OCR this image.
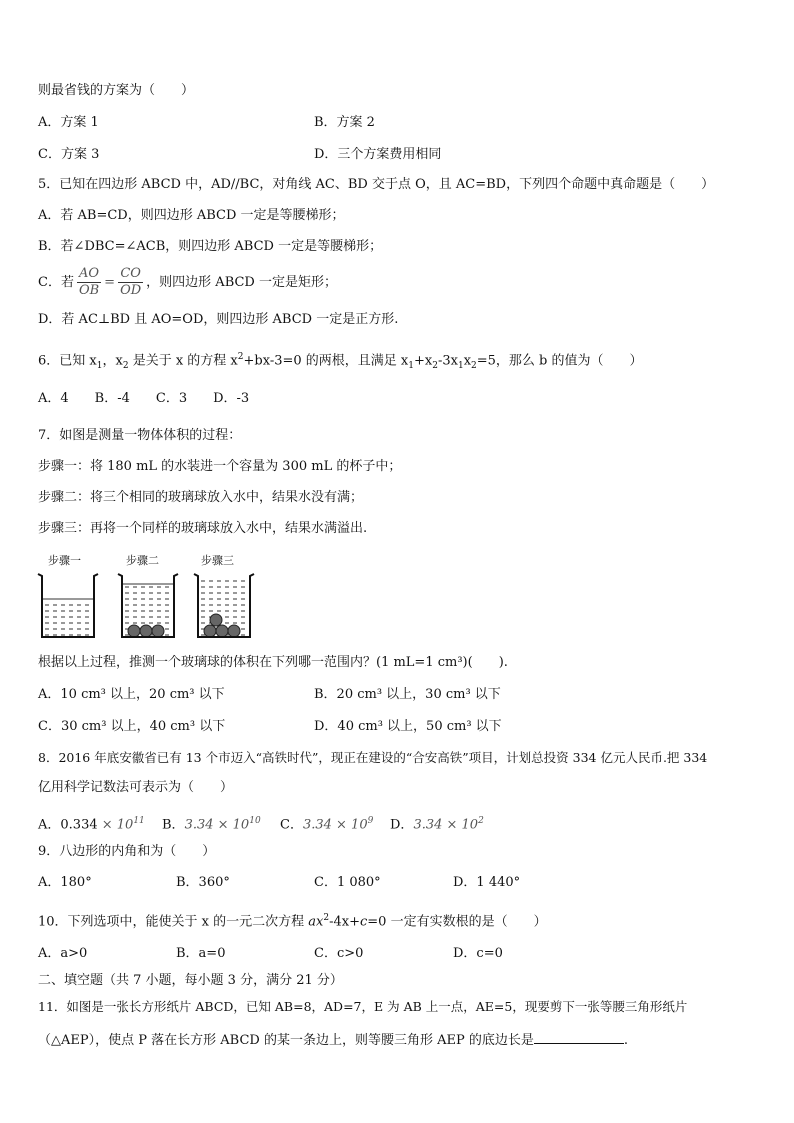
则最省钱的方案为（　　）
A．方案 1	B．方案 2
C．方案 3	D．三个方案费用相同
5．已知在四边形 ABCD 中，AD//BC，对角线 AC、BD 交于点 O，且 AC=BD，下列四个命题中真命题是（　　）
A．若 AB=CD，则四边形 ABCD 一定是等腰梯形；
B．若∠DBC=∠ACB，则四边形 ABCD 一定是等腰梯形；
C．若 $\frac{AO}{OB} = \frac{CO}{OD}$ ，则四边形 ABCD 一定是矩形；
D．若 AC⊥BD 且 AO=OD，则四边形 ABCD 一定是正方形.
6．已知 $x_1$，$x_2$ 是关于 x 的方程 $x^2+bx-3=0$ 的两根，且满足 $x_1+x_2-3x_1x_2=5$，那么 b 的值为（　　）
A．4　　B．-4　　C．3　　D．-3
7．如图是测量一物体体积的过程：
步骤一：将 180 mL 的水装进一个容量为 300 mL 的杯子中；
步骤二：将三个相同的玻璃球放入水中，结果水没有满；
步骤三：再将一个同样的玻璃球放入水中，结果水满溢出.
步骤一	步骤二	步骤三
根据以上过程，推测一个玻璃球的体积在下列哪一范围内？(1 mL=1 cm³)(　　).
A．10 cm³ 以上，20 cm³ 以下	B．20 cm³ 以上，30 cm³ 以下
C．30 cm³ 以上，40 cm³ 以下	D．40 cm³ 以上，50 cm³ 以下
8．2016 年底安徽省已有 13 个市迈入“高铁时代”，现正在建设的“合安高铁”项目，计划总投资 334 亿元人民币.把 334
亿用科学记数法可表示为（　　）
A．$0.334 \times 10^{11}$ B．$3.34 \times 10^{10}$ C．$3.34 \times 10^9$ D．$3.34 \times 10^2$
9．八边形的内角和为（　　）
A．180°	B．360°	C．1 080°	D．1 440°
10．下列选项中，能使关于 x 的一元二次方程 $ax^2-4x+c=0$ 一定有实数根的是（　　）
A．a>0	B．a=0	C．c>0	D．c=0
二、填空题（共 7 小题，每小题 3 分，满分 21 分）
11．如图是一张长方形纸片 ABCD，已知 AB=8，AD=7，E 为 AB 上一点，AE=5，现要剪下一张等腰三角形纸片
（△AEP），使点 P 落在长方形 ABCD 的某一条边上，则等腰三角形 AEP 的底边长是	.
